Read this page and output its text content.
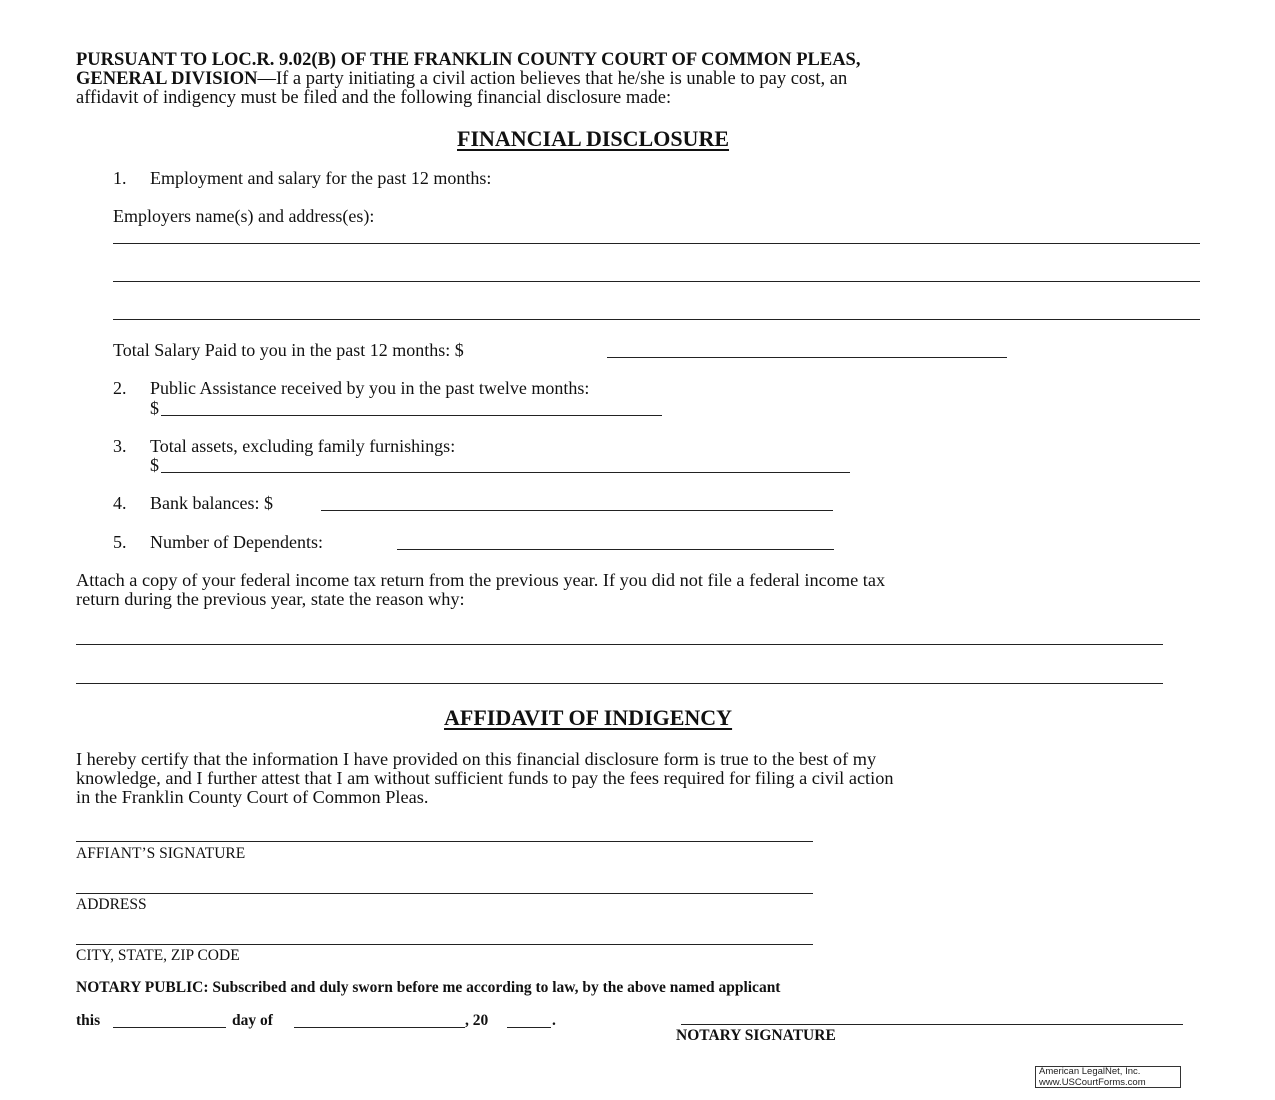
PURSUANT TO LOC.R. 9.02(B) OF THE FRANKLIN COUNTY COURT OF COMMON PLEAS,
GENERAL DIVISION—If a party initiating a civil action believes that he/she is unable to pay cost, an
affidavit of indigency must be filed and the following financial disclosure made:
FINANCIAL DISCLOSURE
1. Employment and salary for the past 12 months:
Employers name(s) and address(es):
Total Salary Paid to you in the past 12 months: $
2. Public Assistance received by you in the past twelve months:
$
3. Total assets, excluding family furnishings:
$
4. Bank balances: $
5. Number of Dependents:
Attach a copy of your federal income tax return from the previous year. If you did not file a federal income tax
return during the previous year, state the reason why:
AFFIDAVIT OF INDIGENCY
I hereby certify that the information I have provided on this financial disclosure form is true to the best of my
knowledge, and I further attest that I am without sufficient funds to pay the fees required for filing a civil action
in the Franklin County Court of Common Pleas.
AFFIANT’S SIGNATURE
ADDRESS
CITY, STATE, ZIP CODE
NOTARY PUBLIC: Subscribed and duly sworn before me according to law, by the above named applicant
this	day of	, 20	.
NOTARY SIGNATURE
American LegalNet, Inc.
www.USCourtForms.com
